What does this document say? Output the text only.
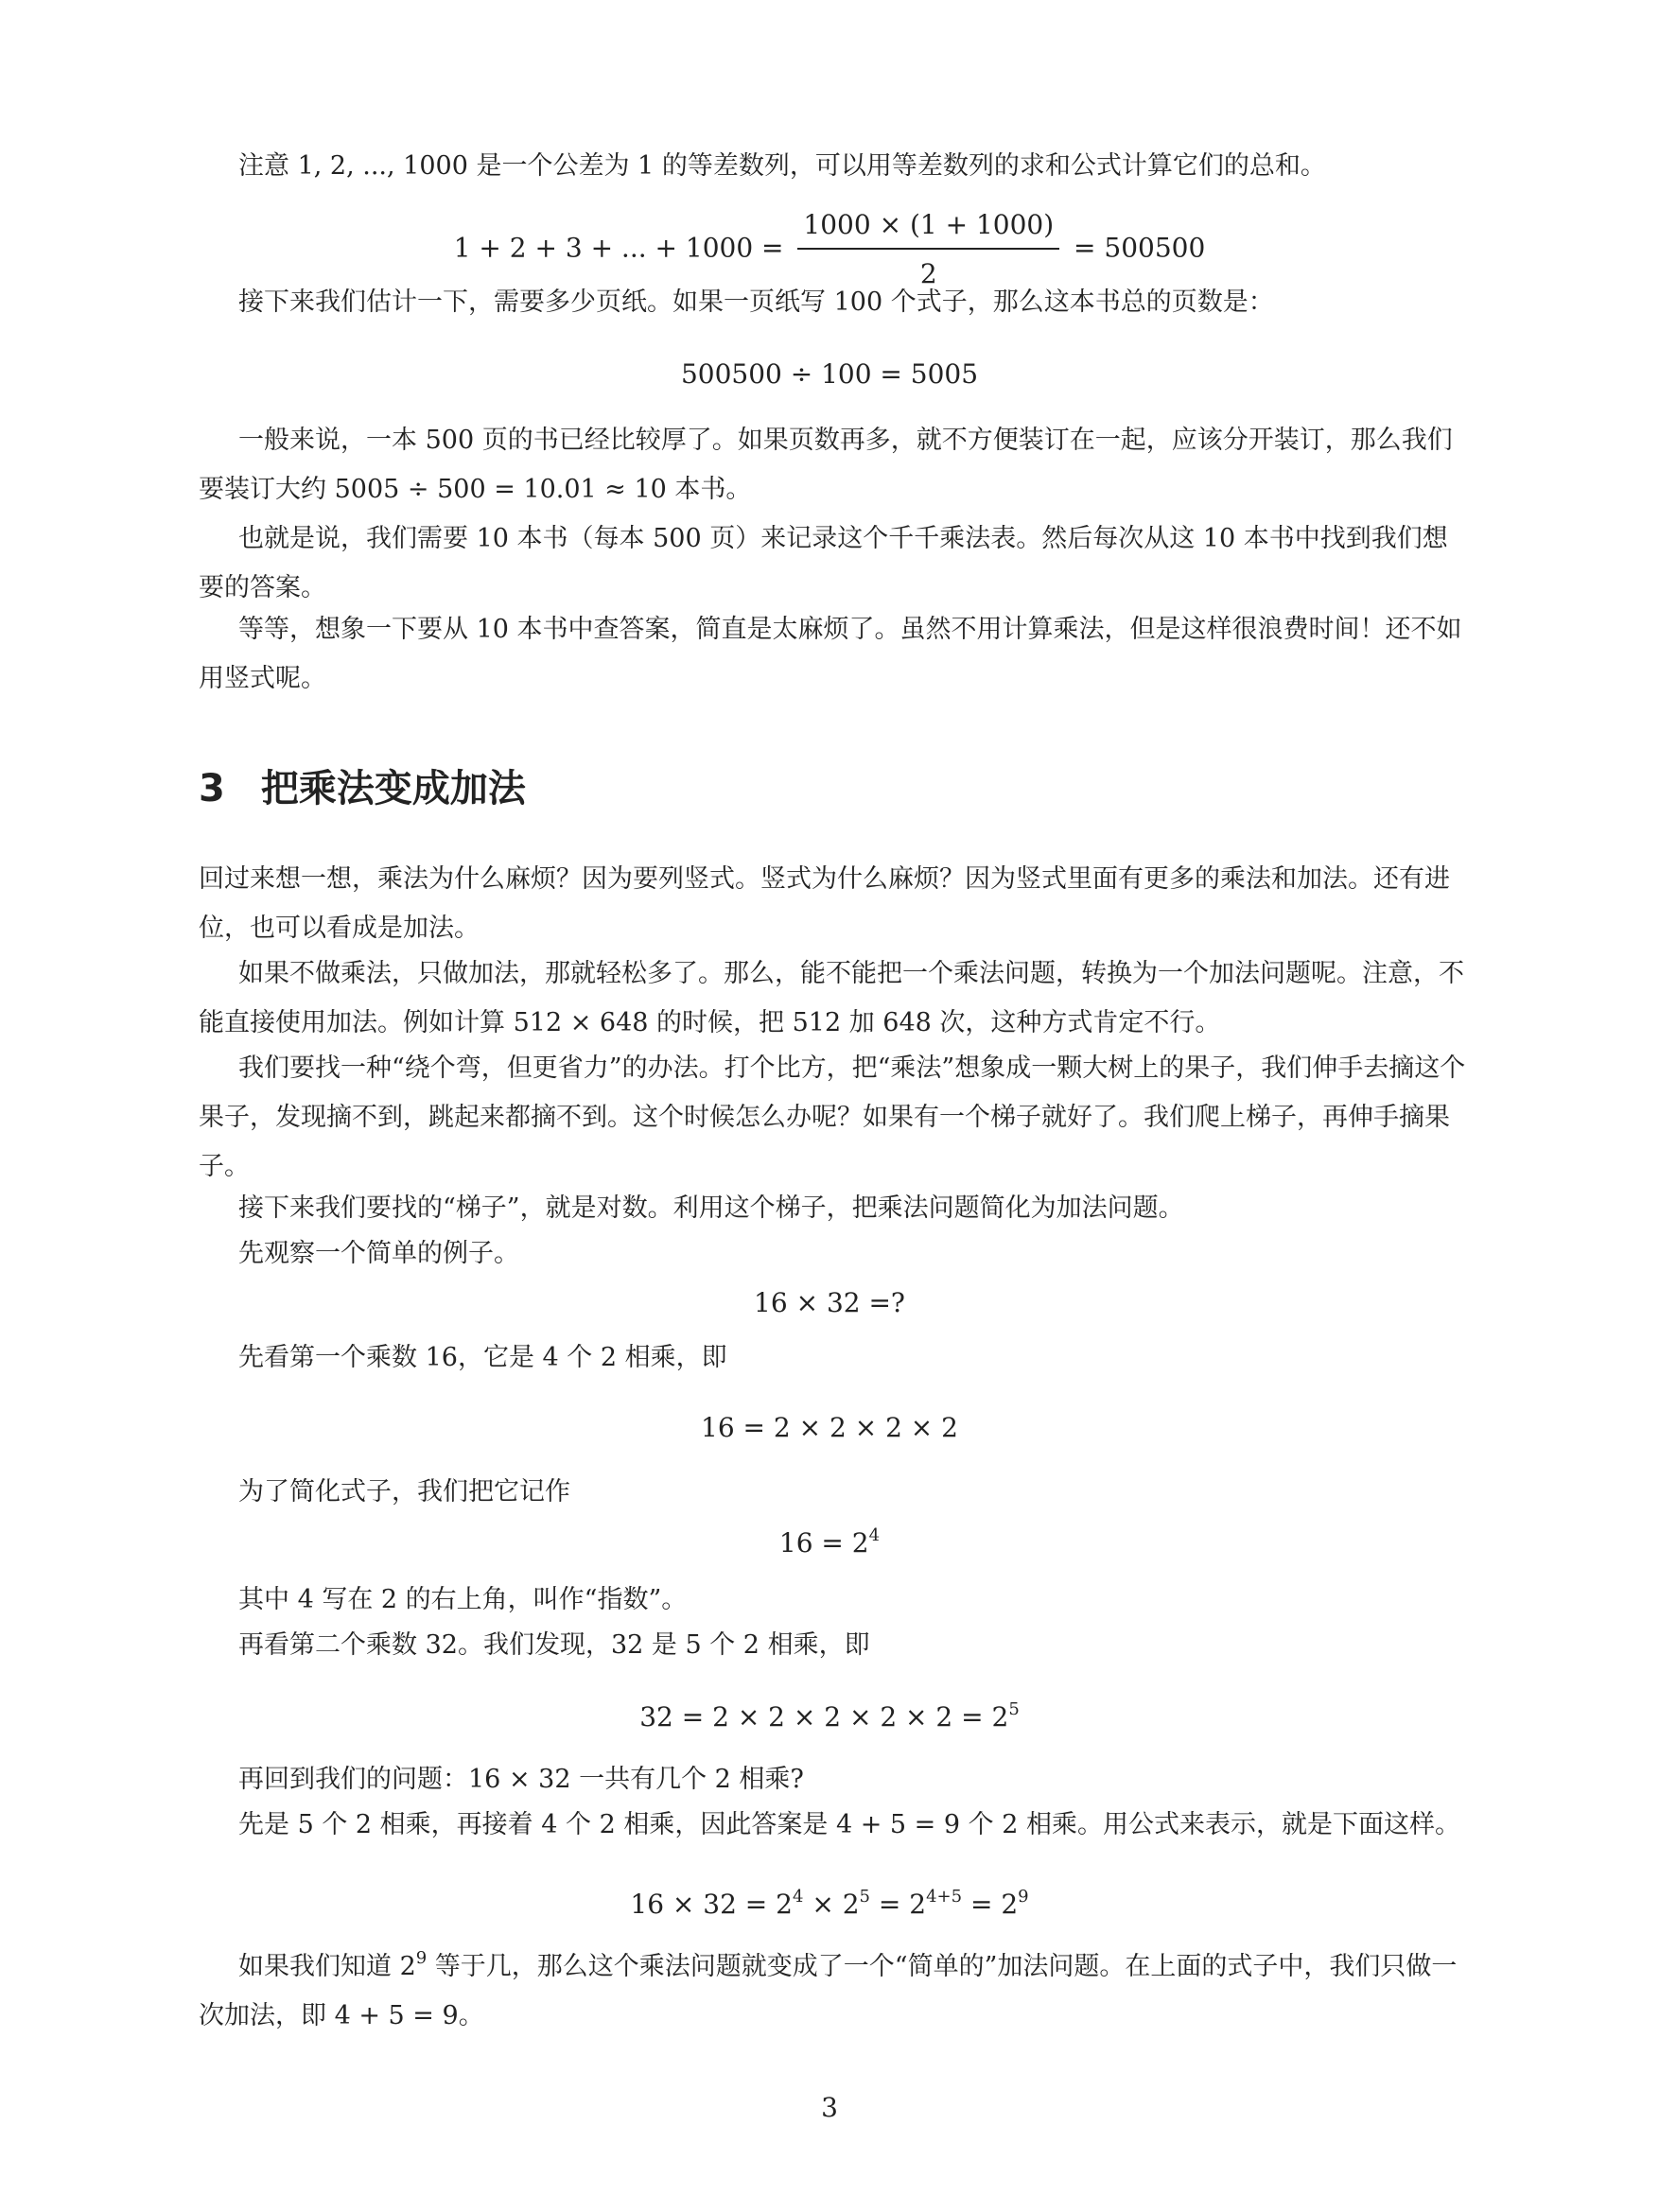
注意 1, 2, ..., 1000 是一个公差为 1 的等差数列，可以用等差数列的求和公式计算它们的总和。

1 + 2 + 3 + ... + $1000 = \frac{1000 \times (1 + 1000)}{2} = 500500$

接下来我们估计一下，需要多少页纸。如果一页纸写 100 个式子，那么这本书总的页数是：

500500 ÷ 100 = 5005

一般来说，一本 500 页的书已经比较厚了。如果页数再多，就不方便装订在一起，应该分开装订，那么我们要装订大约 5005 ÷ 500 = 10.01 ≈ 10 本书。

也就是说，我们需要 10 本书（每本 500 页）来记录这个千千乘法表。然后每次从这 10 本书中找到我们想要的答案。

等等，想象一下要从 10 本书中查答案，简直是太麻烦了。虽然不用计算乘法，但是这样很浪费时间！还不如用竖式呢。

3 把乘法变成加法

回过来想一想，乘法为什么麻烦？因为要列竖式。竖式为什么麻烦？因为竖式里面有更多的乘法和加法。还有进位，也可以看成是加法。

如果不做乘法，只做加法，那就轻松多了。那么，能不能把一个乘法问题，转换为一个加法问题呢。注意，不能直接使用加法。例如计算 512 × 648 的时候，把 512 加 648 次，这种方式肯定不行。

我们要找一种“绕个弯，但更省力”的办法。打个比方，把“乘法”想象成一颗大树上的果子，我们伸手去摘这个果子，发现摘不到，跳起来都摘不到。这个时候怎么办呢？如果有一个梯子就好了。我们爬上梯子，再伸手摘果子。

接下来我们要找的“梯子”，就是对数。利用这个梯子，把乘法问题简化为加法问题。

先观察一个简单的例子。

16 × 32 =?

先看第一个乘数 16，它是 4 个 2 相乘，即

16 = 2 × 2 × 2 × 2

为了简化式子，我们把它记作

$16 = 2^4$

其中 4 写在 2 的右上角，叫作“指数”。

再看第二个乘数 32。我们发现，32 是 5 个 2 相乘，即

$32 = 2 \times 2 \times 2 \times 2 \times 2 = 2^5$

再回到我们的问题：16 × 32 一共有几个 2 相乘?

先是 5 个 2 相乘，再接着 4 个 2 相乘，因此答案是 4 + 5 = 9 个 2 相乘。用公式来表示，就是下面这样。

$16 \times 32 = 2^4 \times 2^5 = 2^{4+5} = 2^9$

如果我们知道 $2^9$ 等于几，那么这个乘法问题就变成了一个“简单的”加法问题。在上面的式子中，我们只做一次加法，即 4 + 5 = 9。

3
